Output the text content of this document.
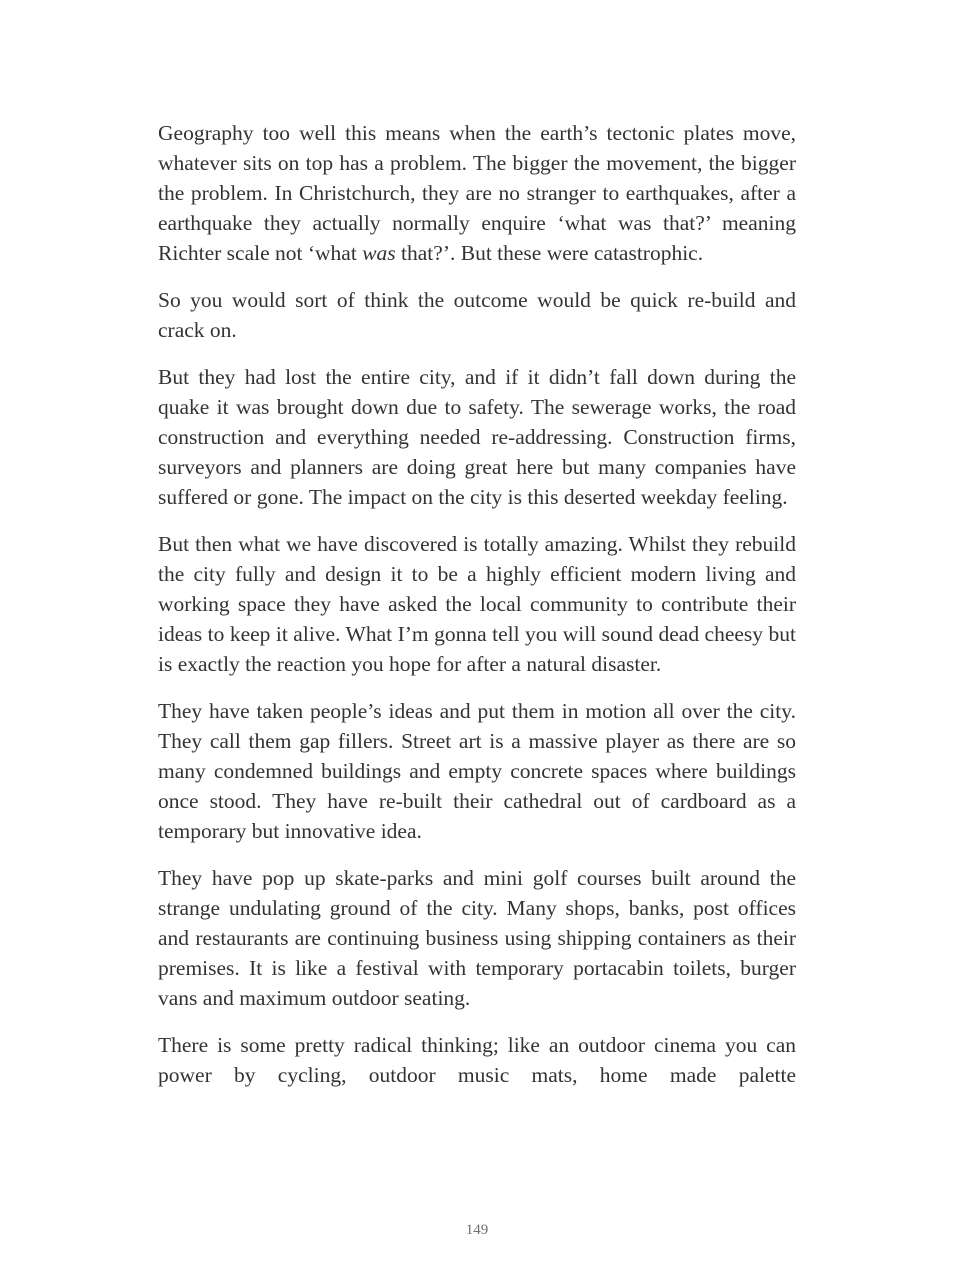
Geography too well this means when the earth’s tectonic plates move, whatever sits on top has a problem. The bigger the movement, the bigger the problem. In Christchurch, they are no stranger to earthquakes, after a earthquake they actually normally enquire ‘what was that?’ meaning Richter scale not ‘what was that?’. But these were catastrophic.

So you would sort of think the outcome would be quick re-build and crack on.

But they had lost the entire city, and if it didn’t fall down during the quake it was brought down due to safety. The sewerage works, the road construction and everything needed re-addressing. Construction firms, surveyors and planners are doing great here but many companies have suffered or gone. The impact on the city is this deserted weekday feeling.

But then what we have discovered is totally amazing. Whilst they rebuild the city fully and design it to be a highly efficient modern living and working space they have asked the local community to contribute their ideas to keep it alive. What I’m gonna tell you will sound dead cheesy but is exactly the reaction you hope for after a natural disaster.

They have taken people’s ideas and put them in motion all over the city. They call them gap fillers. Street art is a massive player as there are so many condemned buildings and empty concrete spaces where buildings once stood. They have re-built their cathedral out of cardboard as a temporary but innovative idea.

They have pop up skate-parks and mini golf courses built around the strange undulating ground of the city. Many shops, banks, post offices and restaurants are continuing business using shipping containers as their premises. It is like a festival with temporary portacabin toilets, burger vans and maximum outdoor seating.

There is some pretty radical thinking; like an outdoor cinema you can power by cycling, outdoor music mats, home made palette

149
